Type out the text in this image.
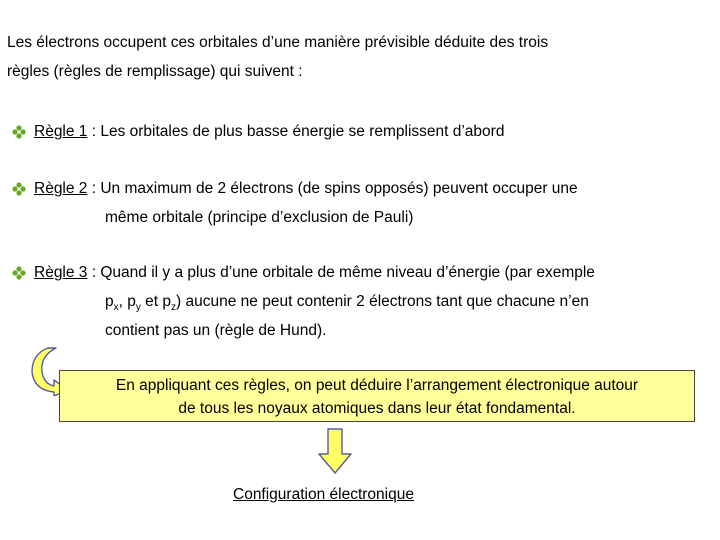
Les électrons occupent ces orbitales d’une manière prévisible déduite des trois
règles (règles de remplissage) qui suivent :
Règle 1 : Les orbitales de plus basse énergie se remplissent d’abord
Règle 2 : Un maximum de 2 électrons (de spins opposés) peuvent occuper une
même orbitale (principe d’exclusion de Pauli)
Règle 3 : Quand il y a plus d’une orbitale de même niveau d’énergie (par exemple
$p_x$, $p_y$ et $p_z$) aucune ne peut contenir 2 électrons tant que chacune n’en
contient pas un (règle de Hund).
En appliquant ces règles, on peut déduire l’arrangement électronique autour
de tous les noyaux atomiques dans leur état fondamental.
Configuration électronique
